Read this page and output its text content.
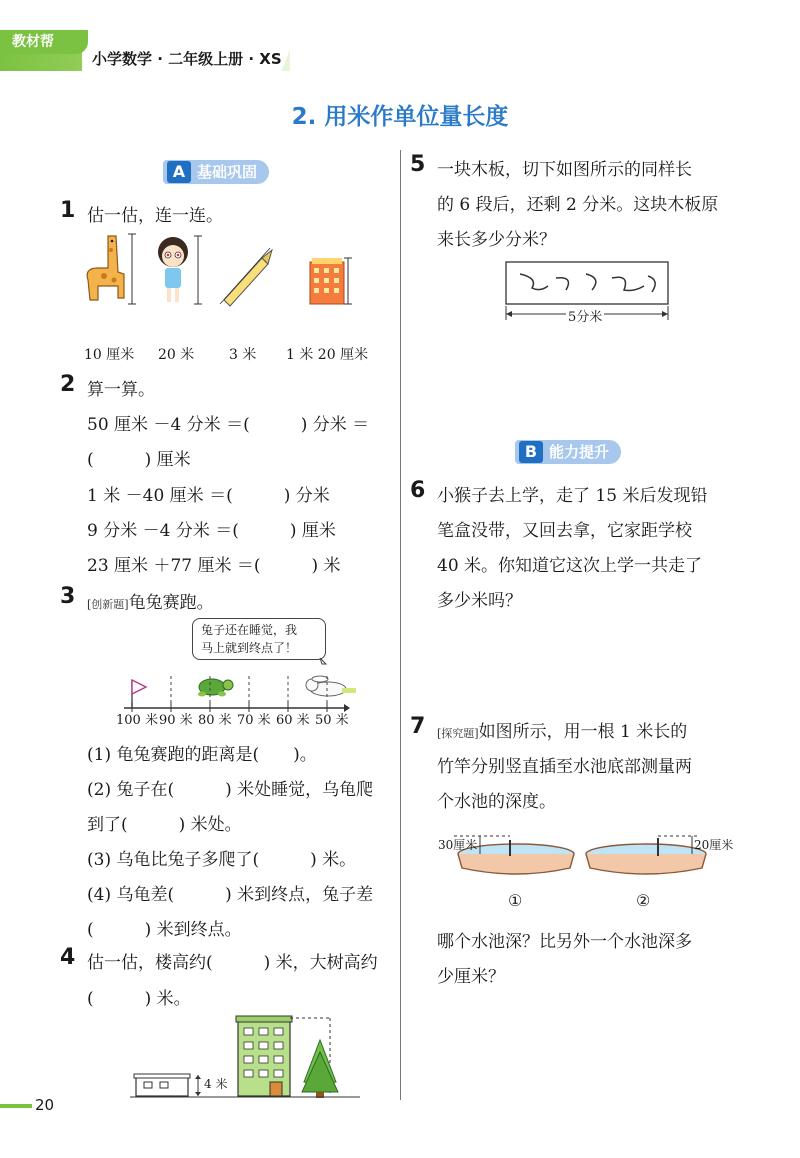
教材帮
小学数学 · 二年级上册 · XS
2. 用米作单位量长度
A 基础巩固
1 估一估，连一连。
10 厘米 20 米 3 米 1 米 20 厘米
2 算一算。
50 厘米 －4 分米 ＝(　　　) 分米 ＝
(　　　) 厘米
1 米 －40 厘米 ＝(　　　) 分米
9 分米 －4 分米 ＝(　　　) 厘米
23 厘米 ＋77 厘米 ＝(　　　) 米
3 [创新题]龟兔赛跑。
兔子还在睡觉，我
马上就到终点了！
100 米 90 米 80 米 70 米 60 米 50 米
(1) 龟兔赛跑的距离是(　　)。
(2) 兔子在(　　　) 米处睡觉，乌龟爬
到了(　　　) 米处。
(3) 乌龟比兔子多爬了(　　　) 米。
(4) 乌龟差(　　　) 米到终点，兔子差
(　　　) 米到终点。
4 估一估，楼高约(　　　) 米，大树高约
(　　　) 米。
4 米
5 一块木板，切下如图所示的同样长
的 6 段后，还剩 2 分米。这块木板原
来长多少分米？
5分米
B 能力提升
6 小猴子去上学，走了 15 米后发现铅
笔盒没带，又回去拿，它家距学校
40 米。你知道它这次上学一共走了
多少米吗？
7 [探究题]如图所示，用一根 1 米长的
竹竿分别竖直插至水池底部测量两
个水池的深度。
30厘米	20厘米
①	②
哪个水池深？比另外一个水池深多
少厘米？
20
